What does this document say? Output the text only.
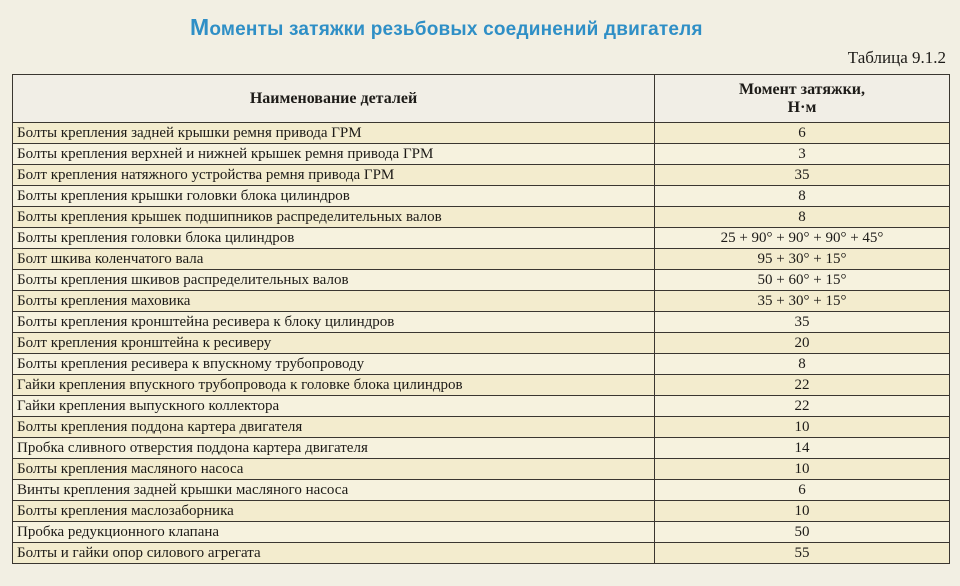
Моменты затяжки резьбовых соединений двигателя
Таблица 9.1.2
Наименование деталей	Момент затяжки,
Н·м
Болты крепления задней крышки ремня привода ГРМ	6
Болты крепления верхней и нижней крышек ремня привода ГРМ	3
Болт крепления натяжного устройства ремня привода ГРМ	35
Болты крепления крышки головки блока цилиндров	8
Болты крепления крышек подшипников распределительных валов	8
Болты крепления головки блока цилиндров	25 + 90° + 90° + 90° + 45°
Болт шкива коленчатого вала	95 + 30° + 15°
Болты крепления шкивов распределительных валов	50 + 60° + 15°
Болты крепления маховика	35 + 30° + 15°
Болты крепления кронштейна ресивера к блоку цилиндров	35
Болт крепления кронштейна к ресиверу	20
Болты крепления ресивера к впускному трубопроводу	8
Гайки крепления впускного трубопровода к головке блока цилиндров	22
Гайки крепления выпускного коллектора	22
Болты крепления поддона картера двигателя	10
Пробка сливного отверстия поддона картера двигателя	14
Болты крепления масляного насоса	10
Винты крепления задней крышки масляного насоса	6
Болты крепления маслозаборника	10
Пробка редукционного клапана	50
Болты и гайки опор силового агрегата	55
